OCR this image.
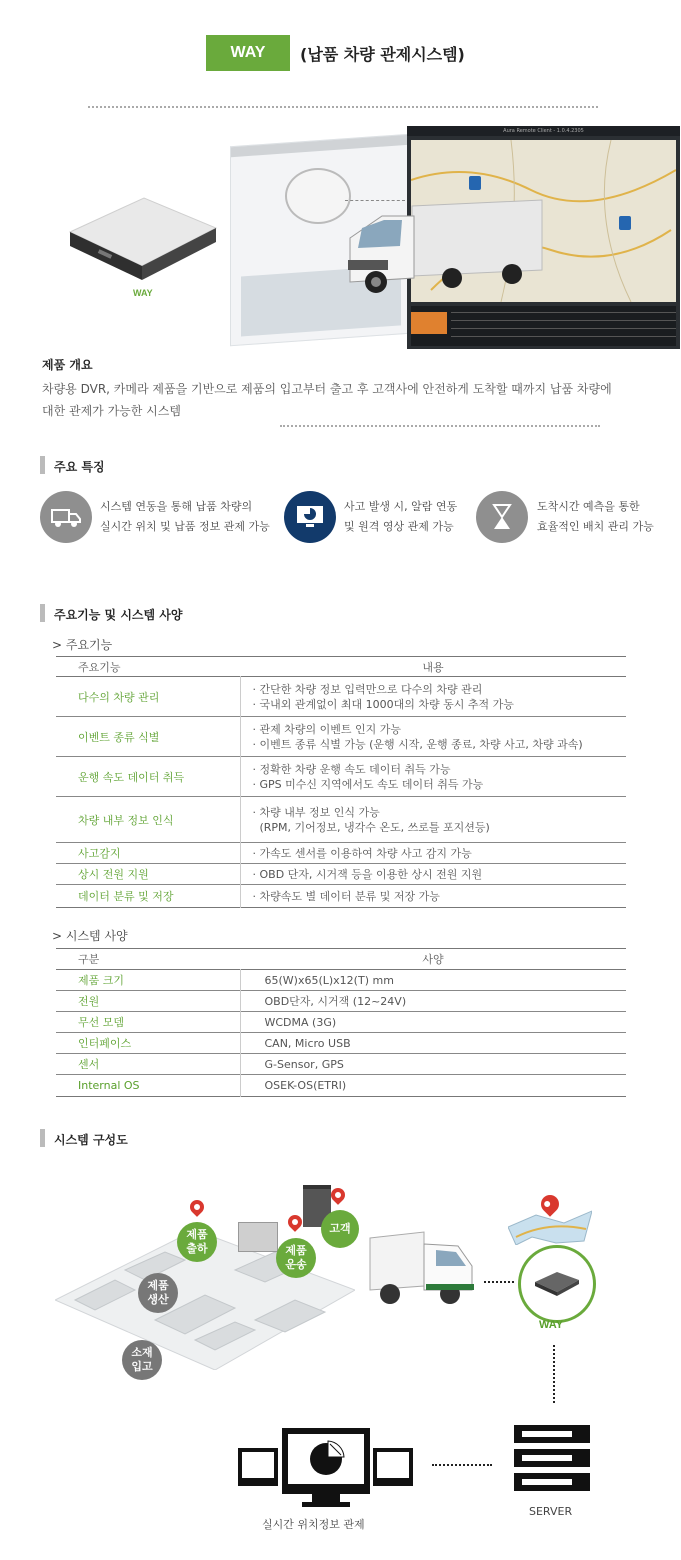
WAY	(납품 차량 관제시스템)
WAY
Aura Remote Client - 1.0.4.2305
제품 개요
차량용 DVR, 카메라 제품을 기반으로 제품의 입고부터 출고 후 고객사에 안전하게 도착할 때까지 납품 차량에
대한 관제가 가능한 시스템
주요 특징
시스템 연동을 통해 납품 차량의
실시간 위치 및 납품 정보 관제 가능
사고 발생 시, 알람 연동
및 원격 영상 관제 가능
도착시간 예측을 통한
효율적인 배치 관리 가능
주요기능 및 시스템 사양
> 주요기능
주요기능	내용
다수의 차량 관리	· 간단한 차량 정보 입력만으로 다수의 차량 관리
· 국내외 관계없이 최대 1000대의 차량 동시 추적 가능

이벤트 종류 식별	· 관제 차량의 이벤트 인지 가능
· 이벤트 종류 식별 가능 (운행 시작, 운행 종료, 차량 사고, 차량 과속)

운행 속도 데이터 취득	· 정확한 차량 운행 속도 데이터 취득 가능
· GPS 미수신 지역에서도 속도 데이터 취득 가능

차량 내부 정보 인식	· 차량 내부 정보 인식 가능
(RPM, 기어정보, 냉각수 온도, 쓰로틀 포지션등)

사고감지	· 가속도 센서를 이용하여 차량 사고 감지 가능
상시 전원 지원	· OBD 단자, 시거잭 등을 이용한 상시 전원 지원
데이터 분류 및 저장	· 차량속도 별 데이터 분류 및 저장 가능
> 시스템 사양
구분	사양
제품 크기	65(W)x65(L)x12(T) mm
전원	OBD단자, 시거잭 (12~24V)
무선 모뎀	WCDMA (3G)
인터페이스	CAN, Micro USB
센서	G-Sensor, GPS
Internal OS	OSEK-OS(ETRI)
시스템 구성도
제품
출하
고객
제품
운송
제품
생산
소재
입고
WAY
SERVER
실시간 위치정보 관제
